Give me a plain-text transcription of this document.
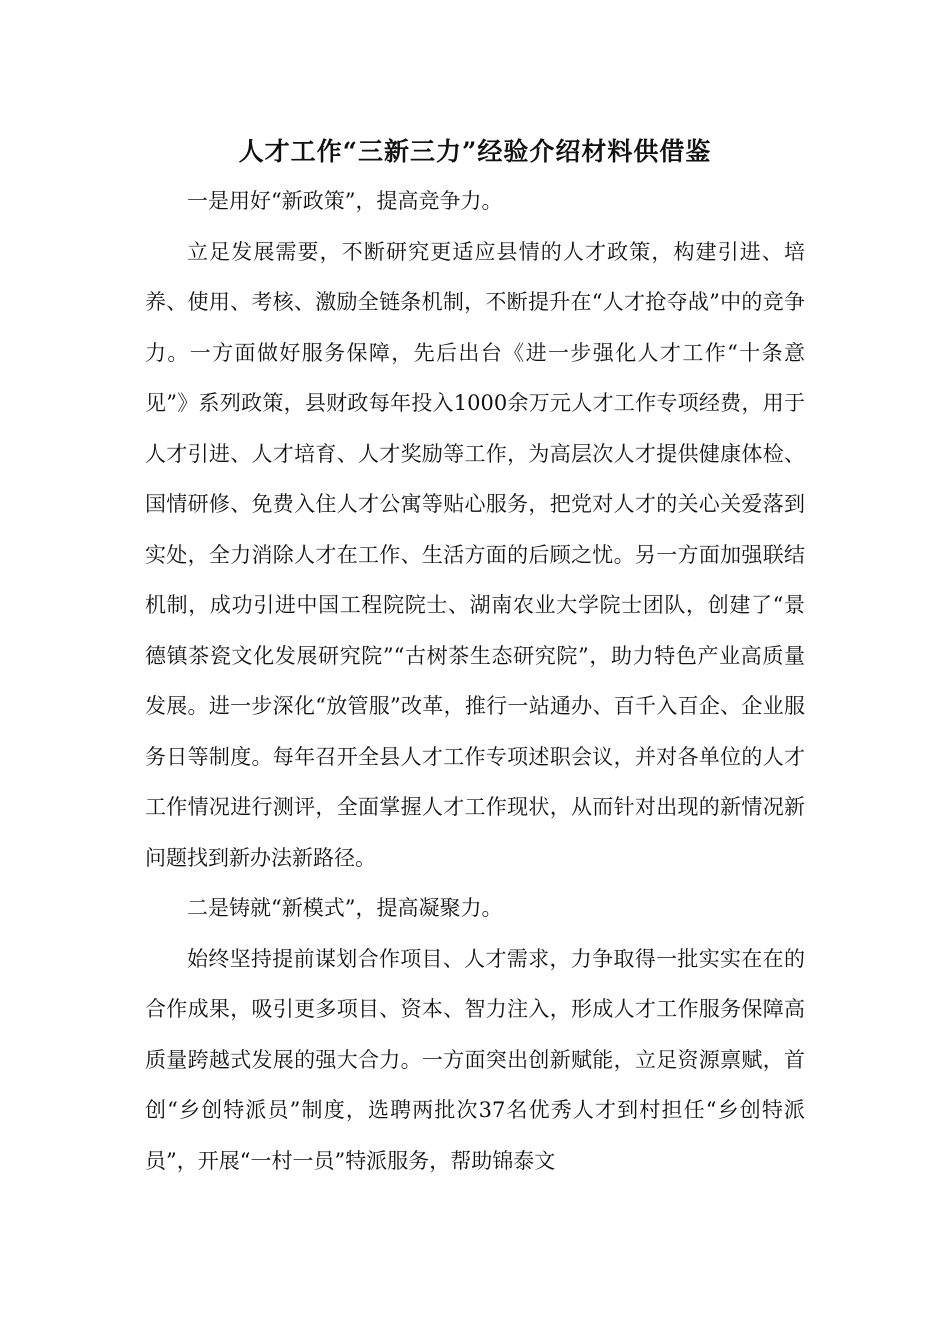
人才工作“三新三力”经验介绍材料供借鉴

一是用好“新政策”，提高竞争力。

立足发展需要，不断研究更适应县情的人才政策，构建引进、培养、使用、考核、激励全链条机制，不断提升在“人才抢夺战”中的竞争力。一方面做好服务保障，先后出台《进一步强化人才工作“十条意见”》系列政策，县财政每年投入1000余万元人才工作专项经费，用于人才引进、人才培育、人才奖励等工作，为高层次人才提供健康体检、国情研修、免费入住人才公寓等贴心服务，把党对人才的关心关爱落到实处，全力消除人才在工作、生活方面的后顾之忧。另一方面加强联结机制，成功引进中国工程院院士、湖南农业大学院士团队，创建了“景德镇茶瓷文化发展研究院”“古树茶生态研究院”，助力特色产业高质量发展。进一步深化“放管服”改革，推行一站通办、百千入百企、企业服务日等制度。每年召开全县人才工作专项述职会议，并对各单位的人才工作情况进行测评，全面掌握人才工作现状，从而针对出现的新情况新问题找到新办法新路径。

二是铸就“新模式”，提高凝聚力。

始终坚持提前谋划合作项目、人才需求，力争取得一批实实在在的合作成果，吸引更多项目、资本、智力注入，形成人才工作服务保障高质量跨越式发展的强大合力。一方面突出创新赋能，立足资源禀赋，首创“乡创特派员”制度，选聘两批次37名优秀人才到村担任“乡创特派员”，开展“一村一员”特派服务，帮助锦泰文
